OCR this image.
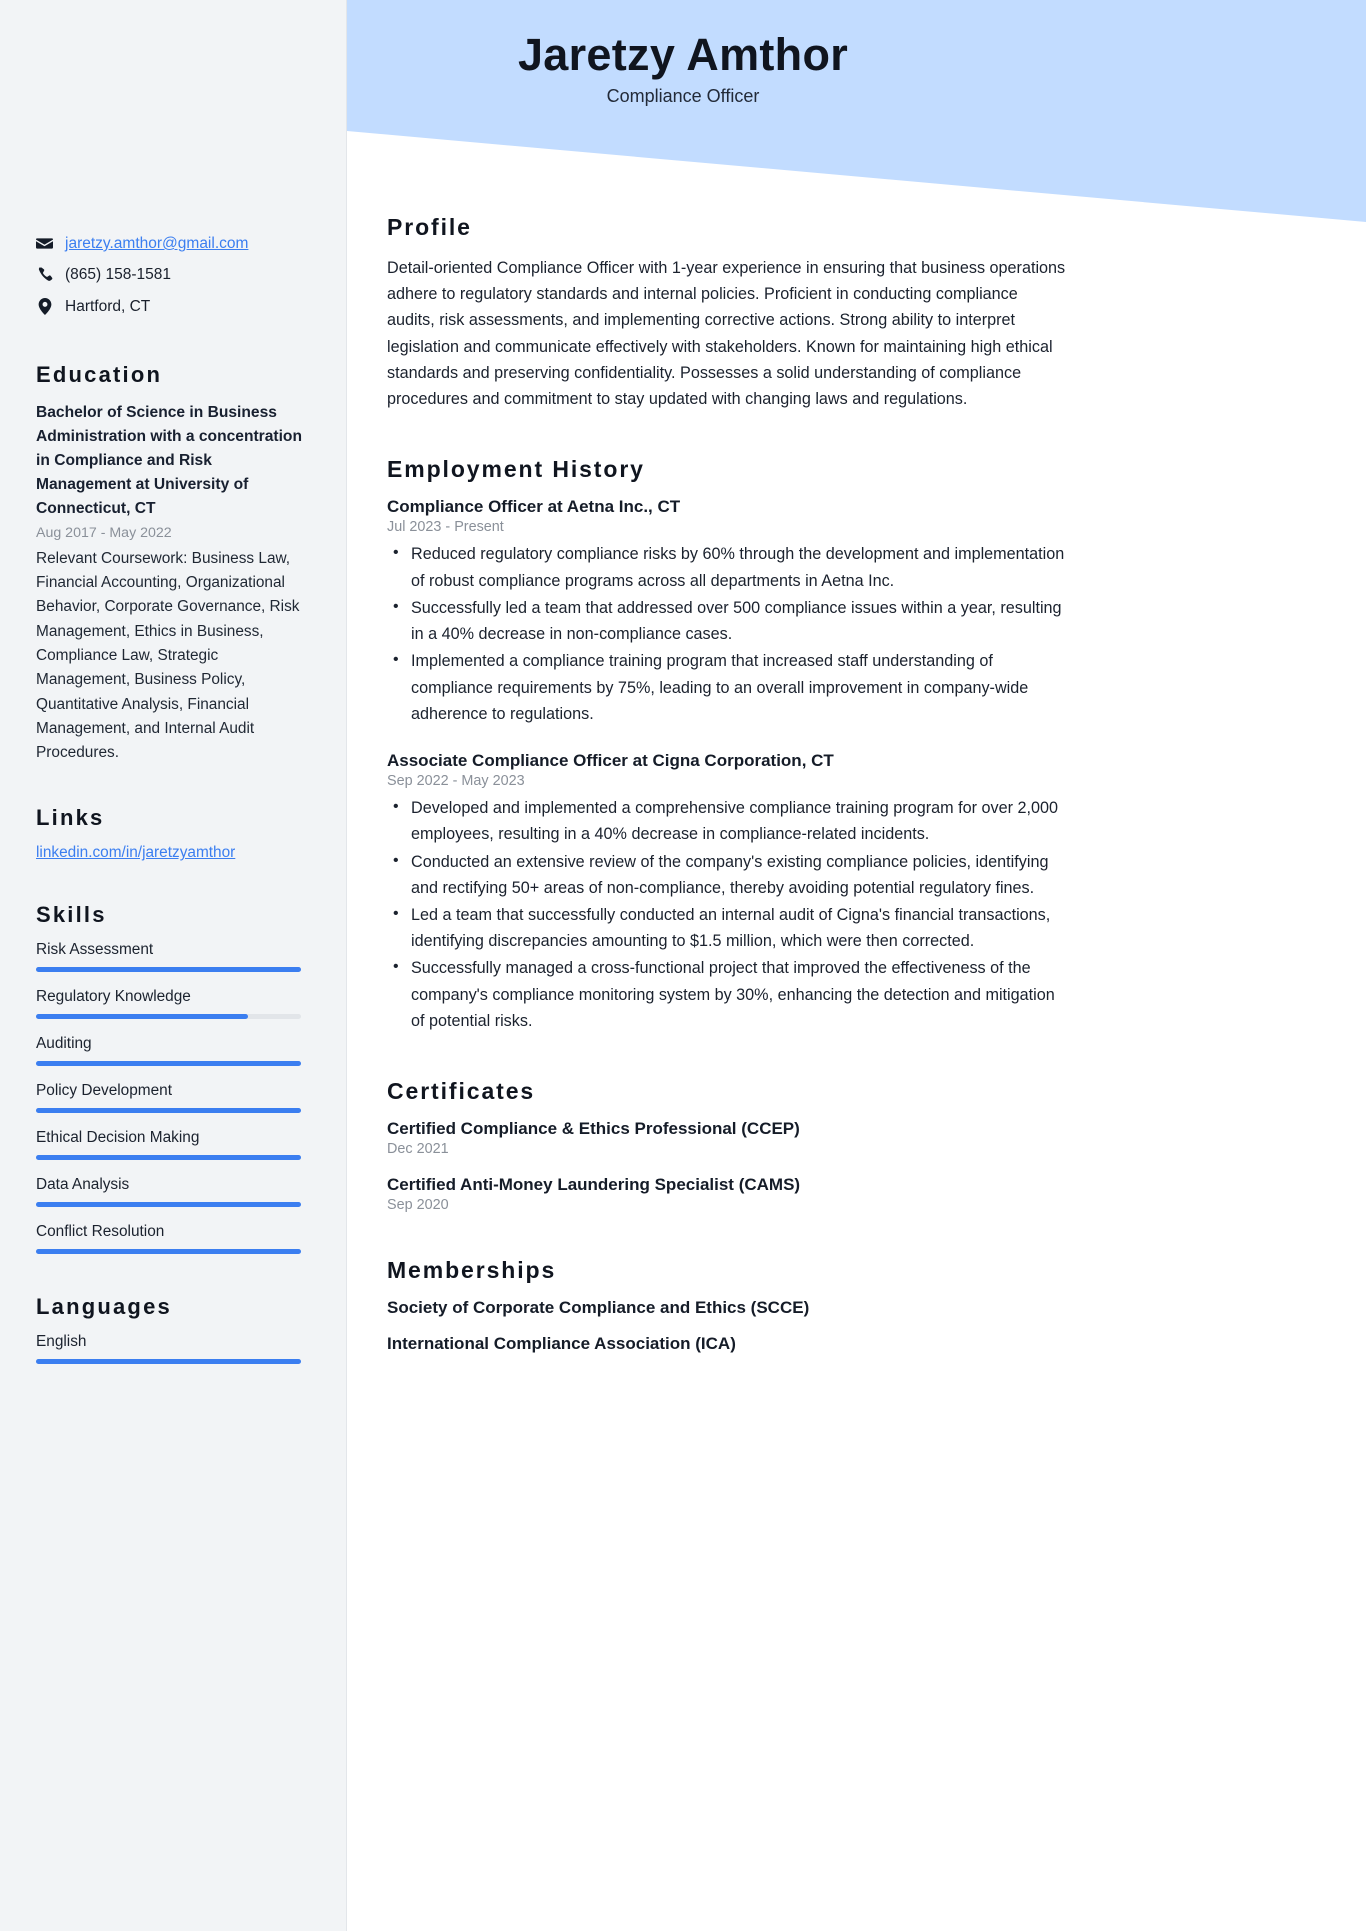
Jaretzy Amthor
Compliance Officer
jaretzy.amthor@gmail.com
(865) 158-1581
Hartford, CT
Education
Bachelor of Science in Business Administration with a concentration in Compliance and Risk Management at University of Connecticut, CT
Aug 2017 - May 2022
Relevant Coursework: Business Law, Financial Accounting, Organizational Behavior, Corporate Governance, Risk Management, Ethics in Business, Compliance Law, Strategic Management, Business Policy, Quantitative Analysis, Financial Management, and Internal Audit Procedures.
Links
linkedin.com/in/jaretzyamthor
Skills
Risk Assessment
Regulatory Knowledge
Auditing
Policy Development
Ethical Decision Making
Data Analysis
Conflict Resolution
Languages
English
Profile

Detail-oriented Compliance Officer with 1-year experience in ensuring that business operations adhere to regulatory standards and internal policies. Proficient in conducting compliance audits, risk assessments, and implementing corrective actions. Strong ability to interpret legislation and communicate effectively with stakeholders. Known for maintaining high ethical standards and preserving confidentiality. Possesses a solid understanding of compliance procedures and commitment to stay updated with changing laws and regulations.

Employment History
Compliance Officer at Aetna Inc., CT
Jul 2023 - Present
• Reduced regulatory compliance risks by 60% through the development and implementation of robust compliance programs across all departments in Aetna Inc.
• Successfully led a team that addressed over 500 compliance issues within a year, resulting in a 40% decrease in non-compliance cases.
• Implemented a compliance training program that increased staff understanding of compliance requirements by 75%, leading to an overall improvement in company-wide adherence to regulations.
Associate Compliance Officer at Cigna Corporation, CT
Sep 2022 - May 2023
• Developed and implemented a comprehensive compliance training program for over 2,000 employees, resulting in a 40% decrease in compliance-related incidents.
• Conducted an extensive review of the company's existing compliance policies, identifying and rectifying 50+ areas of non-compliance, thereby avoiding potential regulatory fines.
• Led a team that successfully conducted an internal audit of Cigna's financial transactions, identifying discrepancies amounting to $1.5 million, which were then corrected.
• Successfully managed a cross-functional project that improved the effectiveness of the company's compliance monitoring system by 30%, enhancing the detection and mitigation of potential risks.
Certificates
Certified Compliance & Ethics Professional (CCEP)
Dec 2021
Certified Anti-Money Laundering Specialist (CAMS)
Sep 2020
Memberships
Society of Corporate Compliance and Ethics (SCCE)
International Compliance Association (ICA)
